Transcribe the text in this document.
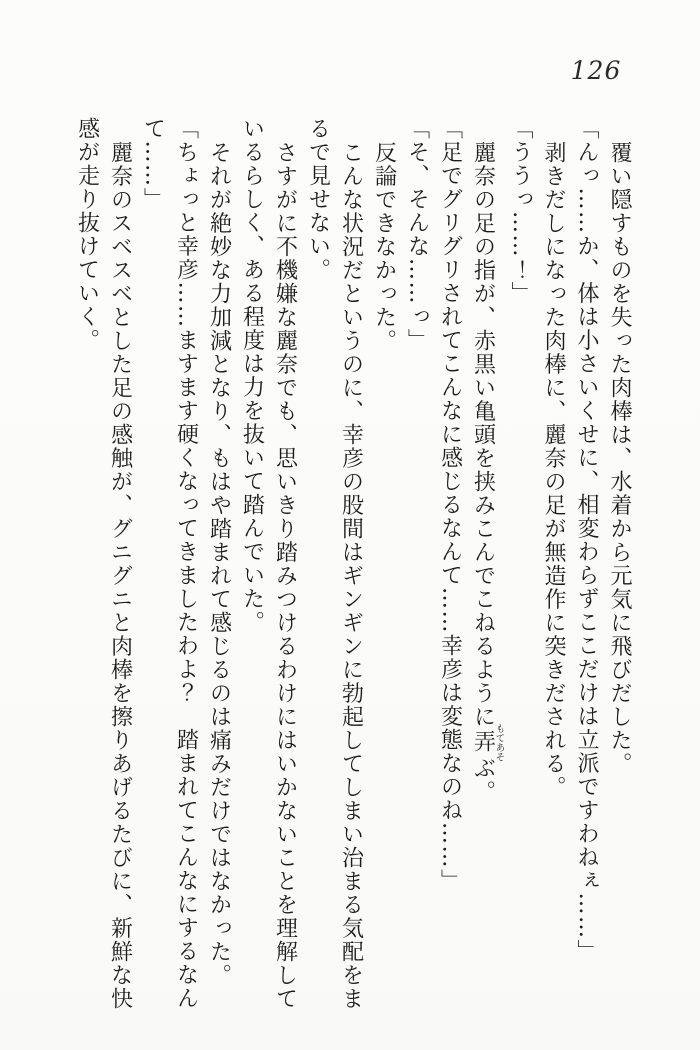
126

覆い隠すものを失った肉棒は、水着から元気に飛びだした。

「んっ……か、体は小さいくせに、相変わらずここだけは立派ですわねぇ……」

剥きだしになった肉棒に、麗奈の足が無造作に突きだされる。

「ううっ……！」

麗奈の足の指が、赤黒い亀頭を挟みこんでこねるように弄もてあそぶ。

「足でグリグリされてこんなに感じるなんて……幸彦は変態なのね……」

「そ、そんな……っ」

反論できなかった。

こんな状況だというのに、幸彦の股間はギンギンに勃起してしまい治まる気配をまるで見せない。

さすがに不機嫌な麗奈でも、思いきり踏みつけるわけにはいかないことを理解しているらしく、ある程度は力を抜いて踏んでいた。

それが絶妙な力加減となり、もはや踏まれて感じるのは痛みだけではなかった。

「ちょっと幸彦……ますます硬くなってきましたわよ？　踏まれてこんなにするなんて……」

麗奈のスベスベとした足の感触が、グニグニと肉棒を擦りあげるたびに、新鮮な快感が走り抜けていく。
